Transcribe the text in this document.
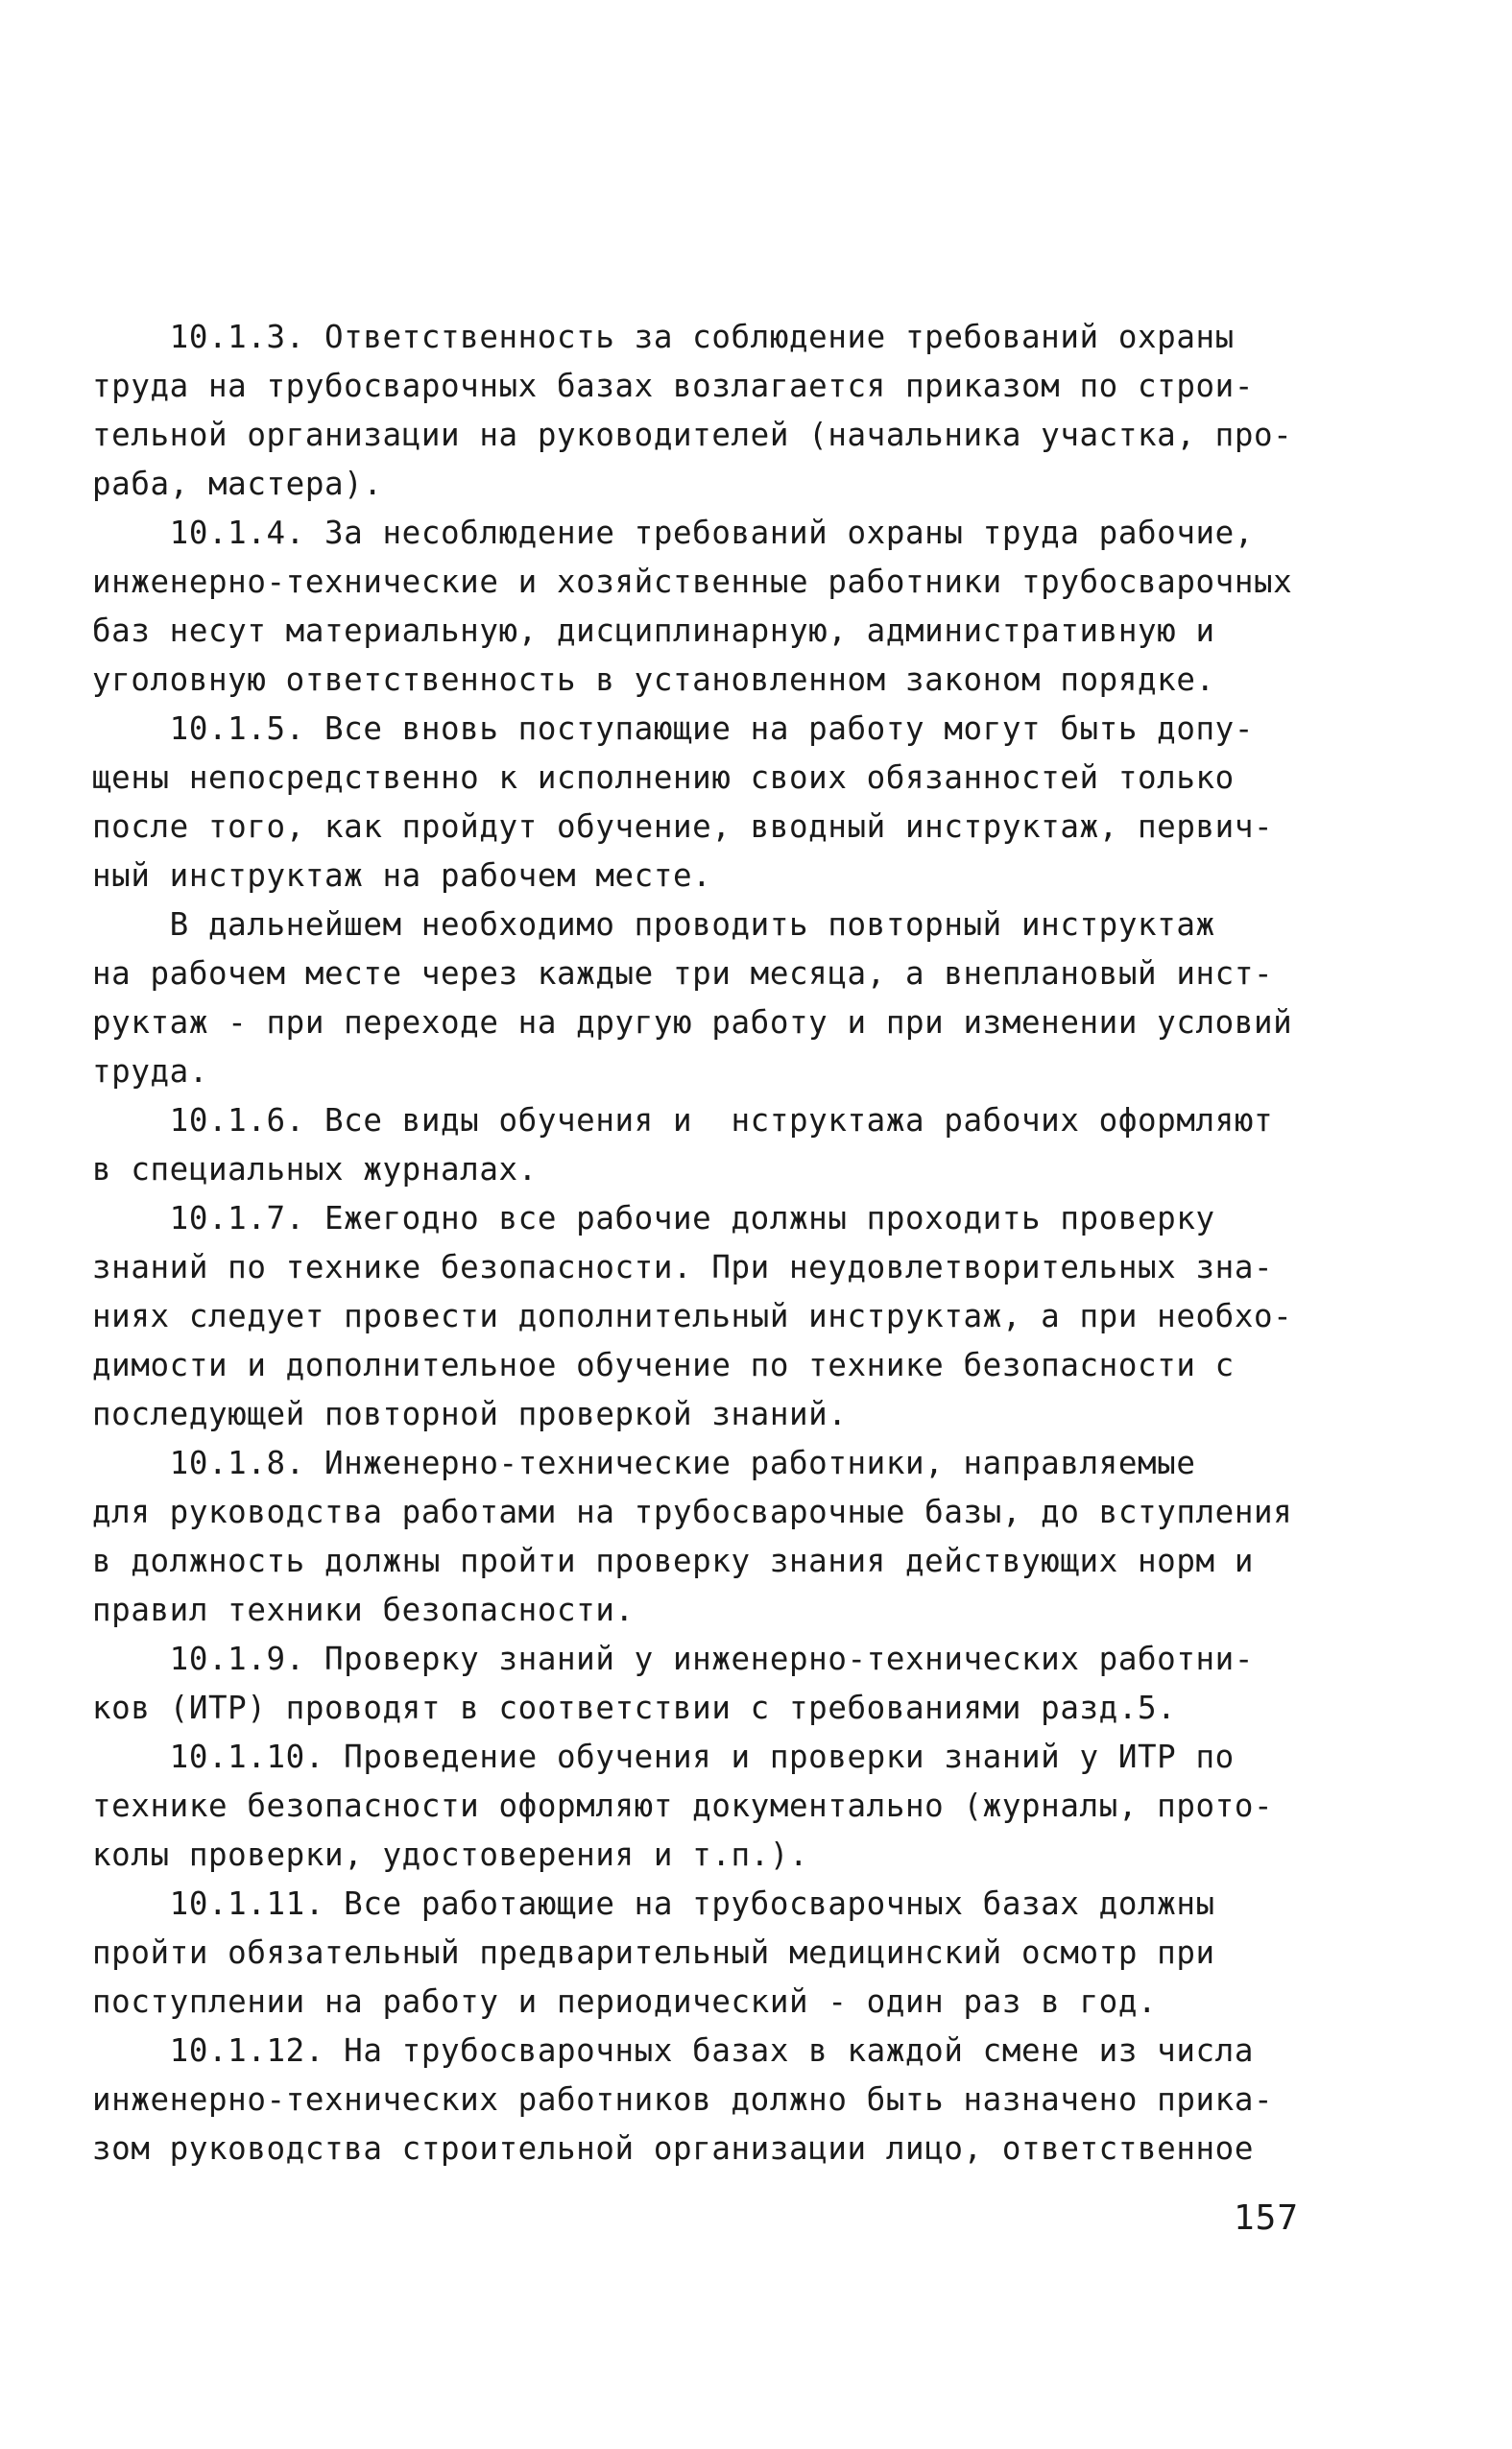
10.1.3. Ответственность за соблюдение требований охраны
труда на трубосварочных базах возлагается приказом по строи-
тельной организации на руководителей (начальника участка, про-
раба, мастера).
10.1.4. За несоблюдение требований охраны труда рабочие,
инженерно-технические и хозяйственные работники трубосварочных
баз несут материальную, дисциплинарную, административную и
уголовную ответственность в установленном законом порядке.
10.1.5. Все вновь поступающие на работу могут быть допу-
щены непосредственно к исполнению своих обязанностей только
после того, как пройдут обучение, вводный инструктаж, первич-
ный инструктаж на рабочем месте.
В дальнейшем необходимо проводить повторный инструктаж
на рабочем месте через каждые три месяца, а внеплановый инст-
руктаж - при переходе на другую работу и при изменении условий
труда.
10.1.6. Все виды обучения и  нструктажа рабочих оформляют
в специальных журналах.
10.1.7. Ежегодно все рабочие должны проходить проверку
знаний по технике безопасности. При неудовлетворительных зна-
ниях следует провести дополнительный инструктаж, а при необхо-
димости и дополнительное обучение по технике безопасности с
последующей повторной проверкой знаний.
10.1.8. Инженерно-технические работники, направляемые
для руководства работами на трубосварочные базы, до вступления
в должность должны пройти проверку знания действующих норм и
правил техники безопасности.
10.1.9. Проверку знаний у инженерно-технических работни-
ков (ИТР) проводят в соответствии с требованиями разд.5.
10.1.10. Проведение обучения и проверки знаний у ИТР по
технике безопасности оформляют документально (журналы, прото-
колы проверки, удостоверения и т.п.).
10.1.11. Все работающие на трубосварочных базах должны
пройти обязательный предварительный медицинский осмотр при
поступлении на работу и периодический - один раз в год.
10.1.12. На трубосварочных базах в каждой смене из числа
инженерно-технических работников должно быть назначено прика-
зом руководства строительной организации лицо, ответственное
157
